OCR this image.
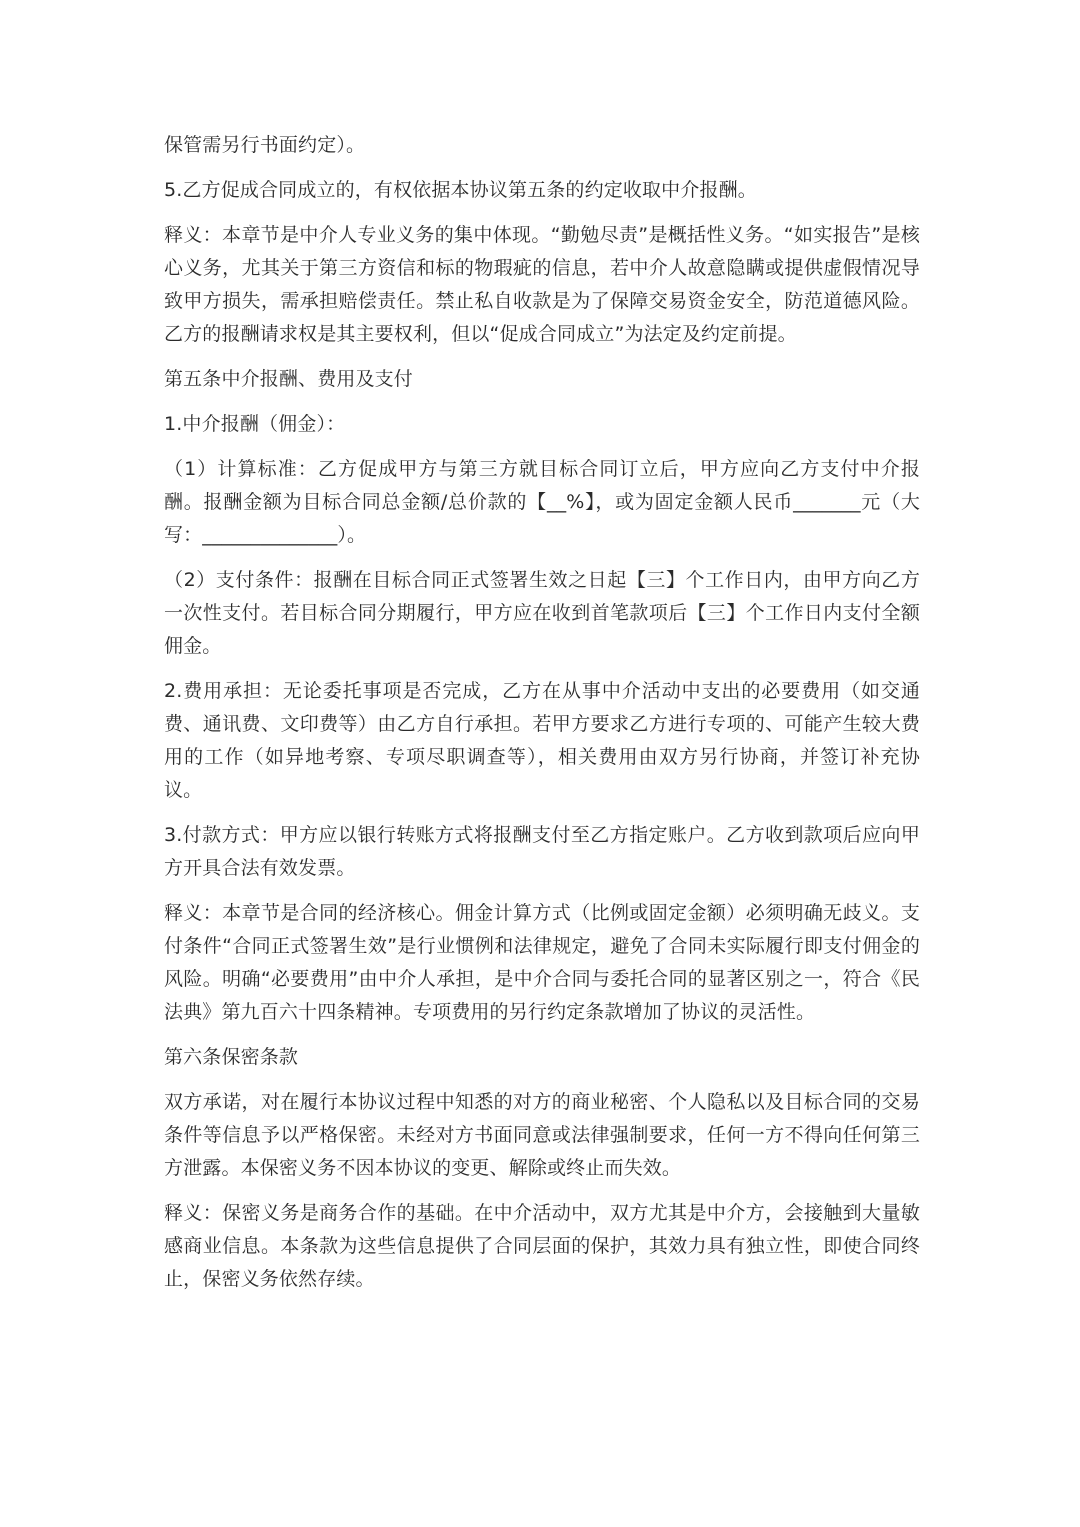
保管需另行书面约定）。

5.乙方促成合同成立的，有权依据本协议第五条的约定收取中介报酬。

释义：本章节是中介人专业义务的集中体现。“勤勉尽责”是概括性义务。“如实报告”是核心义务，尤其关于第三方资信和标的物瑕疵的信息，若中介人故意隐瞒或提供虚假情况导致甲方损失，需承担赔偿责任。禁止私自收款是为了保障交易资金安全，防范道德风险。乙方的报酬请求权是其主要权利，但以“促成合同成立”为法定及约定前提。

第五条中介报酬、费用及支付

1.中介报酬（佣金）：

（1）计算标准：乙方促成甲方与第三方就目标合同订立后，甲方应向乙方支付中介报酬。报酬金额为目标合同总金额/总价款的【__%】，或为固定金额人民币_______元（大写：______________）。

（2）支付条件：报酬在目标合同正式签署生效之日起【三】个工作日内，由甲方向乙方一次性支付。若目标合同分期履行，甲方应在收到首笔款项后【三】个工作日内支付全额佣金。

2.费用承担：无论委托事项是否完成，乙方在从事中介活动中支出的必要费用（如交通费、通讯费、文印费等）由乙方自行承担。若甲方要求乙方进行专项的、可能产生较大费用的工作（如异地考察、专项尽职调查等），相关费用由双方另行协商，并签订补充协议。

3.付款方式：甲方应以银行转账方式将报酬支付至乙方指定账户。乙方收到款项后应向甲方开具合法有效发票。

释义：本章节是合同的经济核心。佣金计算方式（比例或固定金额）必须明确无歧义。支付条件“合同正式签署生效”是行业惯例和法律规定，避免了合同未实际履行即支付佣金的风险。明确“必要费用”由中介人承担，是中介合同与委托合同的显著区别之一，符合《民法典》第九百六十四条精神。专项费用的另行约定条款增加了协议的灵活性。

第六条保密条款

双方承诺，对在履行本协议过程中知悉的对方的商业秘密、个人隐私以及目标合同的交易条件等信息予以严格保密。未经对方书面同意或法律强制要求，任何一方不得向任何第三方泄露。本保密义务不因本协议的变更、解除或终止而失效。

释义：保密义务是商务合作的基础。在中介活动中，双方尤其是中介方，会接触到大量敏感商业信息。本条款为这些信息提供了合同层面的保护，其效力具有独立性，即使合同终止，保密义务依然存续。
